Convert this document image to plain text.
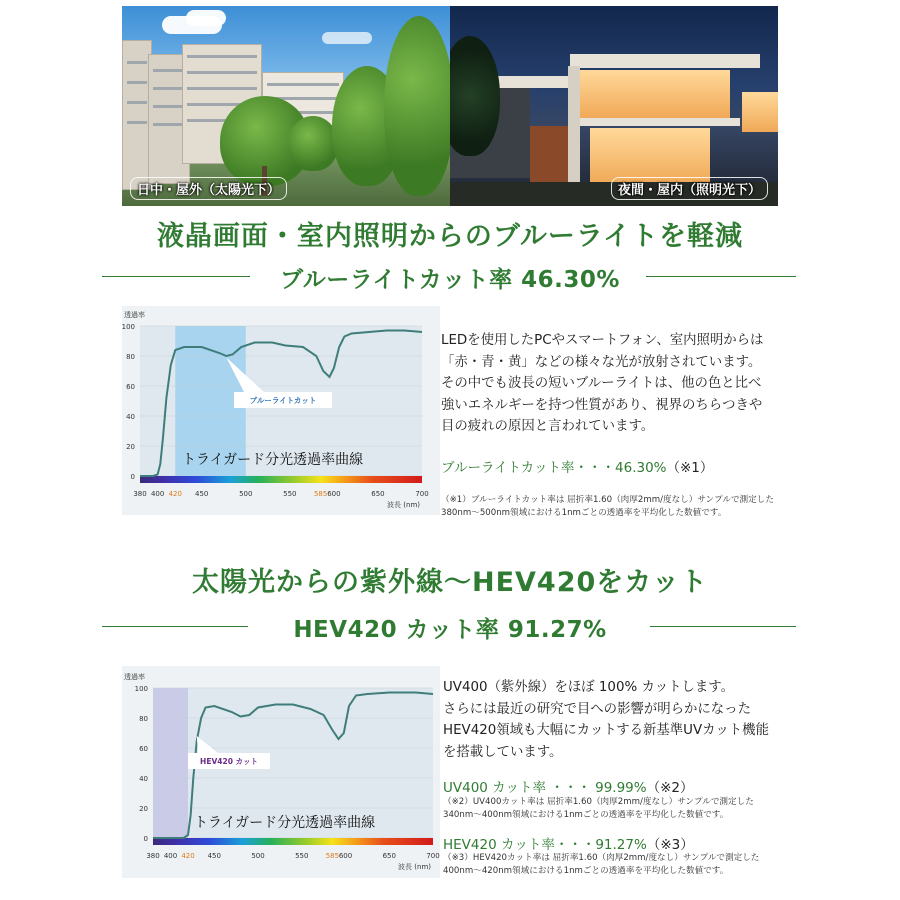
日中・屋外（太陽光下）	夜間・屋内（照明光下）
液晶画面・室内照明からのブルーライトを軽減
ブルーライトカット率 46.30%
0
20
40
60
80
100
380 400 420 450	500	550 585 600	650	700
透過率
波長 (nm)
ブルーライトカット
トライガード分光透過率曲線
LEDを使用したPCやスマートフォン、室内照明からは
「赤・青・黄」などの様々な光が放射されています。
その中でも波長の短いブルーライトは、他の色と比べ
強いエネルギーを持つ性質があり、視界のちらつきや
目の疲れの原因と言われています。
ブルーライトカット率・・・46.30%（※1）
（※1）ブルーライトカット率は 屈折率1.60（肉厚2mm/度なし）サンプルで測定した
380nm〜500nm領域における1nmごとの透過率を平均化した数値です。
太陽光からの紫外線〜HEV420をカット
HEV420 カット率 91.27%
0
20
40
60
80
100
380 400 420 450	500	550 585 600	650	700
透過率
波長 (nm)
HEV420 カット
トライガード分光透過率曲線
UV400（紫外線）をほぼ 100% カットします。
さらには最近の研究で目への影響が明らかになった
HEV420領域も大幅にカットする新基準UVカット機能
を搭載しています。
UV400 カット率 ・・・ 99.99%（※2）
（※2）UV400カット率は 屈折率1.60（肉厚2mm/度なし）サンプルで測定した
340nm〜400nm領域における1nmごとの透過率を平均化した数値です。
HEV420 カット率・・・91.27%（※3）
（※3）HEV420カット率は 屈折率1.60（肉厚2mm/度なし）サンプルで測定した
400nm〜420nm領域における1nmごとの透過率を平均化した数値です。
